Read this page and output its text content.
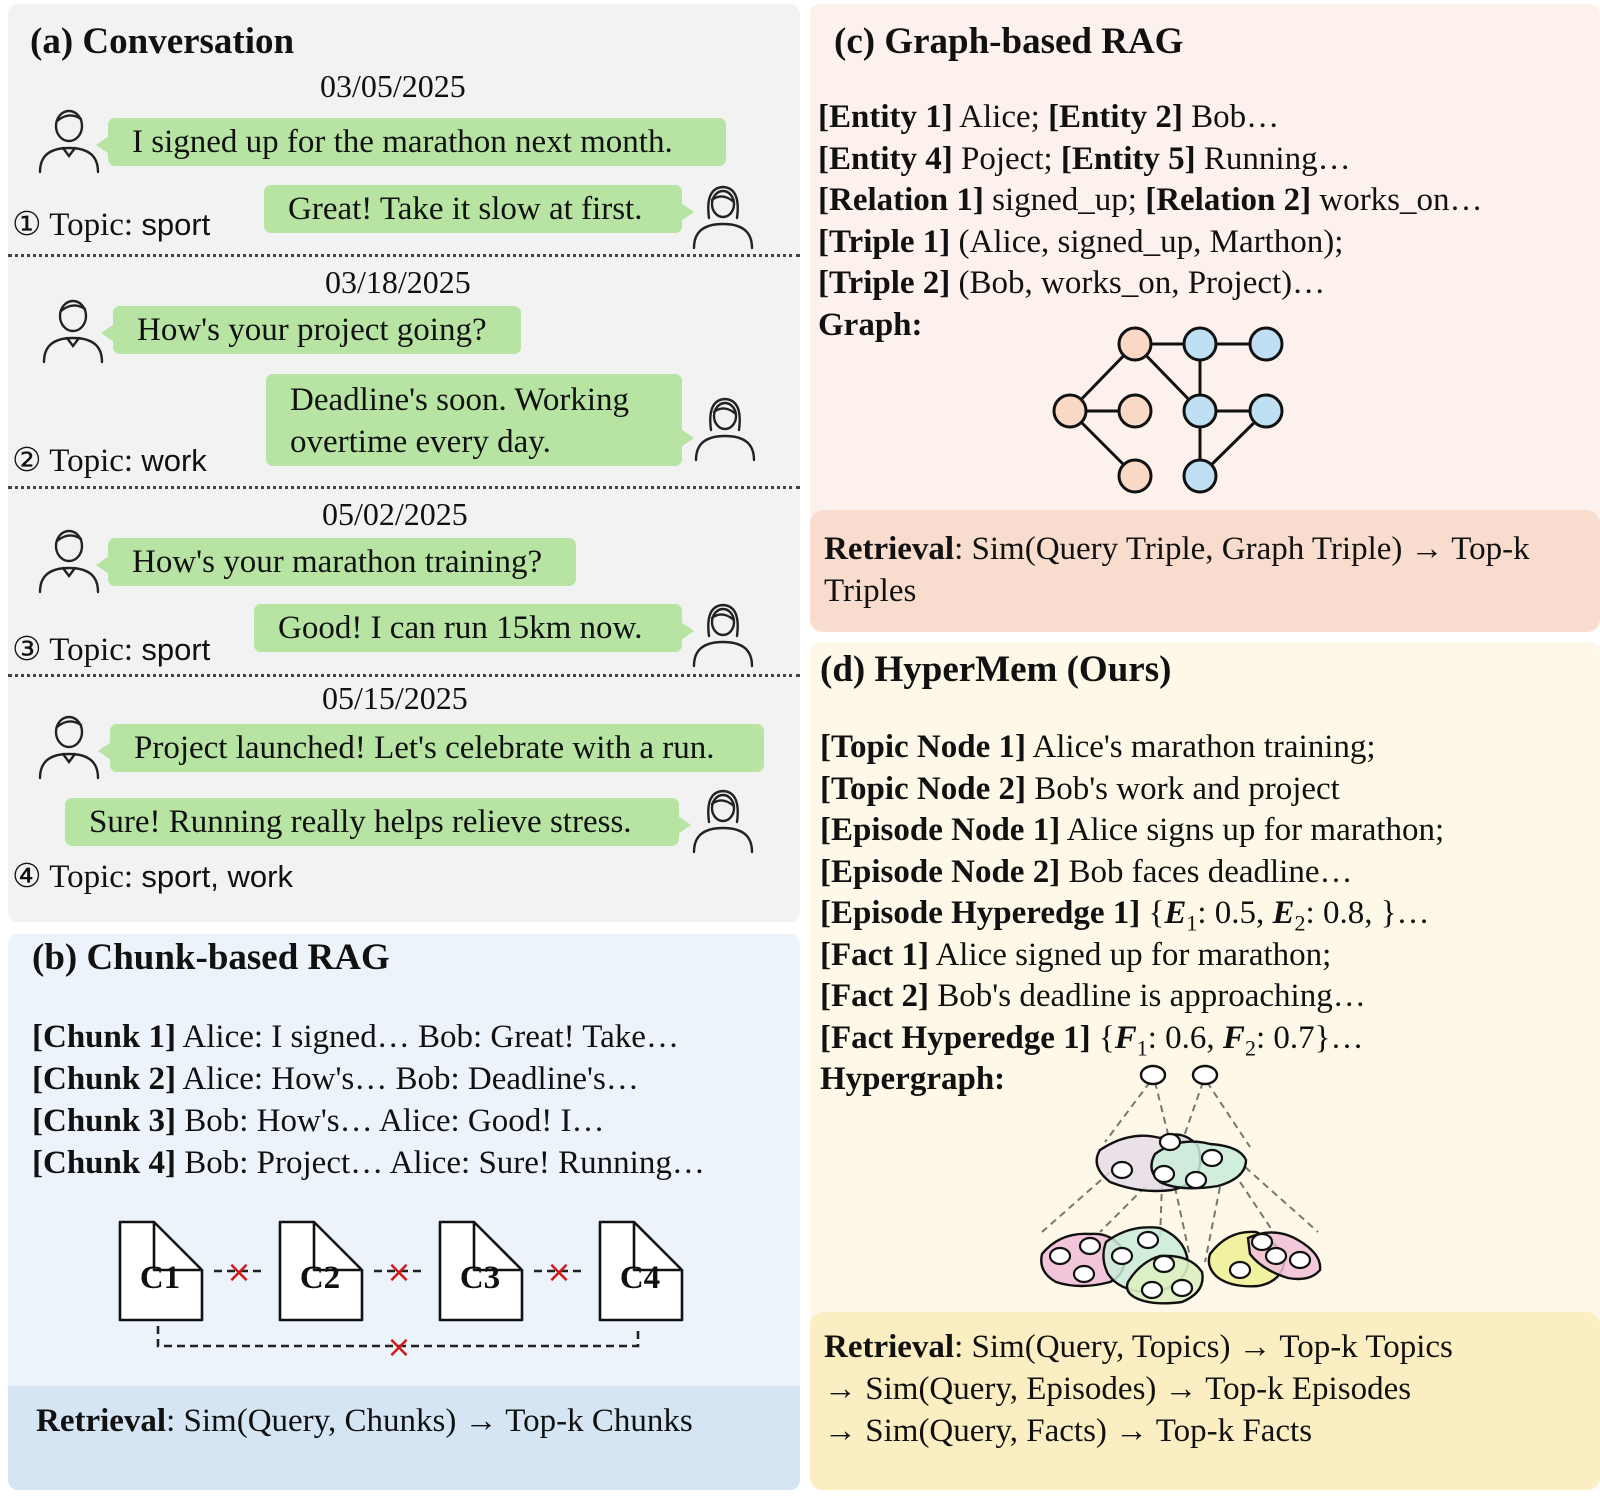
(a) Conversation
03/05/2025
I signed up for the marathon next month.
Great! Take it slow at first.
① Topic: sport
03/18/2025
How's your project going?
Deadline's soon. Working
overtime every day.
② Topic: work
05/02/2025
How's your marathon training?
Good! I can run 15km now.
③ Topic: sport
05/15/2025
Project launched! Let's celebrate with a run.
Sure! Running really helps relieve stress.
④ Topic: sport, work
(b) Chunk-based RAG
[Chunk 1] Alice: I signed… Bob: Great! Take…
[Chunk 2] Alice: How's… Bob: Deadline's…
[Chunk 3] Bob: How's… Alice: Good! I…
[Chunk 4] Bob: Project… Alice: Sure! Running…
C1	C2	C3	C4
×	×	×
×
Retrieval: Sim(Query, Chunks) → Top-k Chunks
(c) Graph-based RAG
[Entity 1] Alice; [Entity 2] Bob…
[Entity 4] Poject; [Entity 5] Running…
[Relation 1] signed_up; [Relation 2] works_on…
[Triple 1] (Alice, signed_up, Marthon);
[Triple 2] (Bob, works_on, Project)…
Graph:
Retrieval: Sim(Query Triple, Graph Triple) → Top-k Triples
(d) HyperMem (Ours)
[Topic Node 1] Alice's marathon training;
[Topic Node 2] Bob's work and project
[Episode Node 1] Alice signs up for marathon;
[Episode Node 2] Bob faces deadline…
[Episode Hyperedge 1] {$E_1$: 0.5, $E_2$: 0.8, }…
[Fact 1] Alice signed up for marathon;
[Fact 2] Bob's deadline is approaching…
[Fact Hyperedge 1] {$F_1$: 0.6, $F_2$: 0.7}…
Hypergraph:
Retrieval: Sim(Query, Topics) → Top-k Topics
→ Sim(Query, Episodes) → Top-k Episodes
→ Sim(Query, Facts) → Top-k Facts
